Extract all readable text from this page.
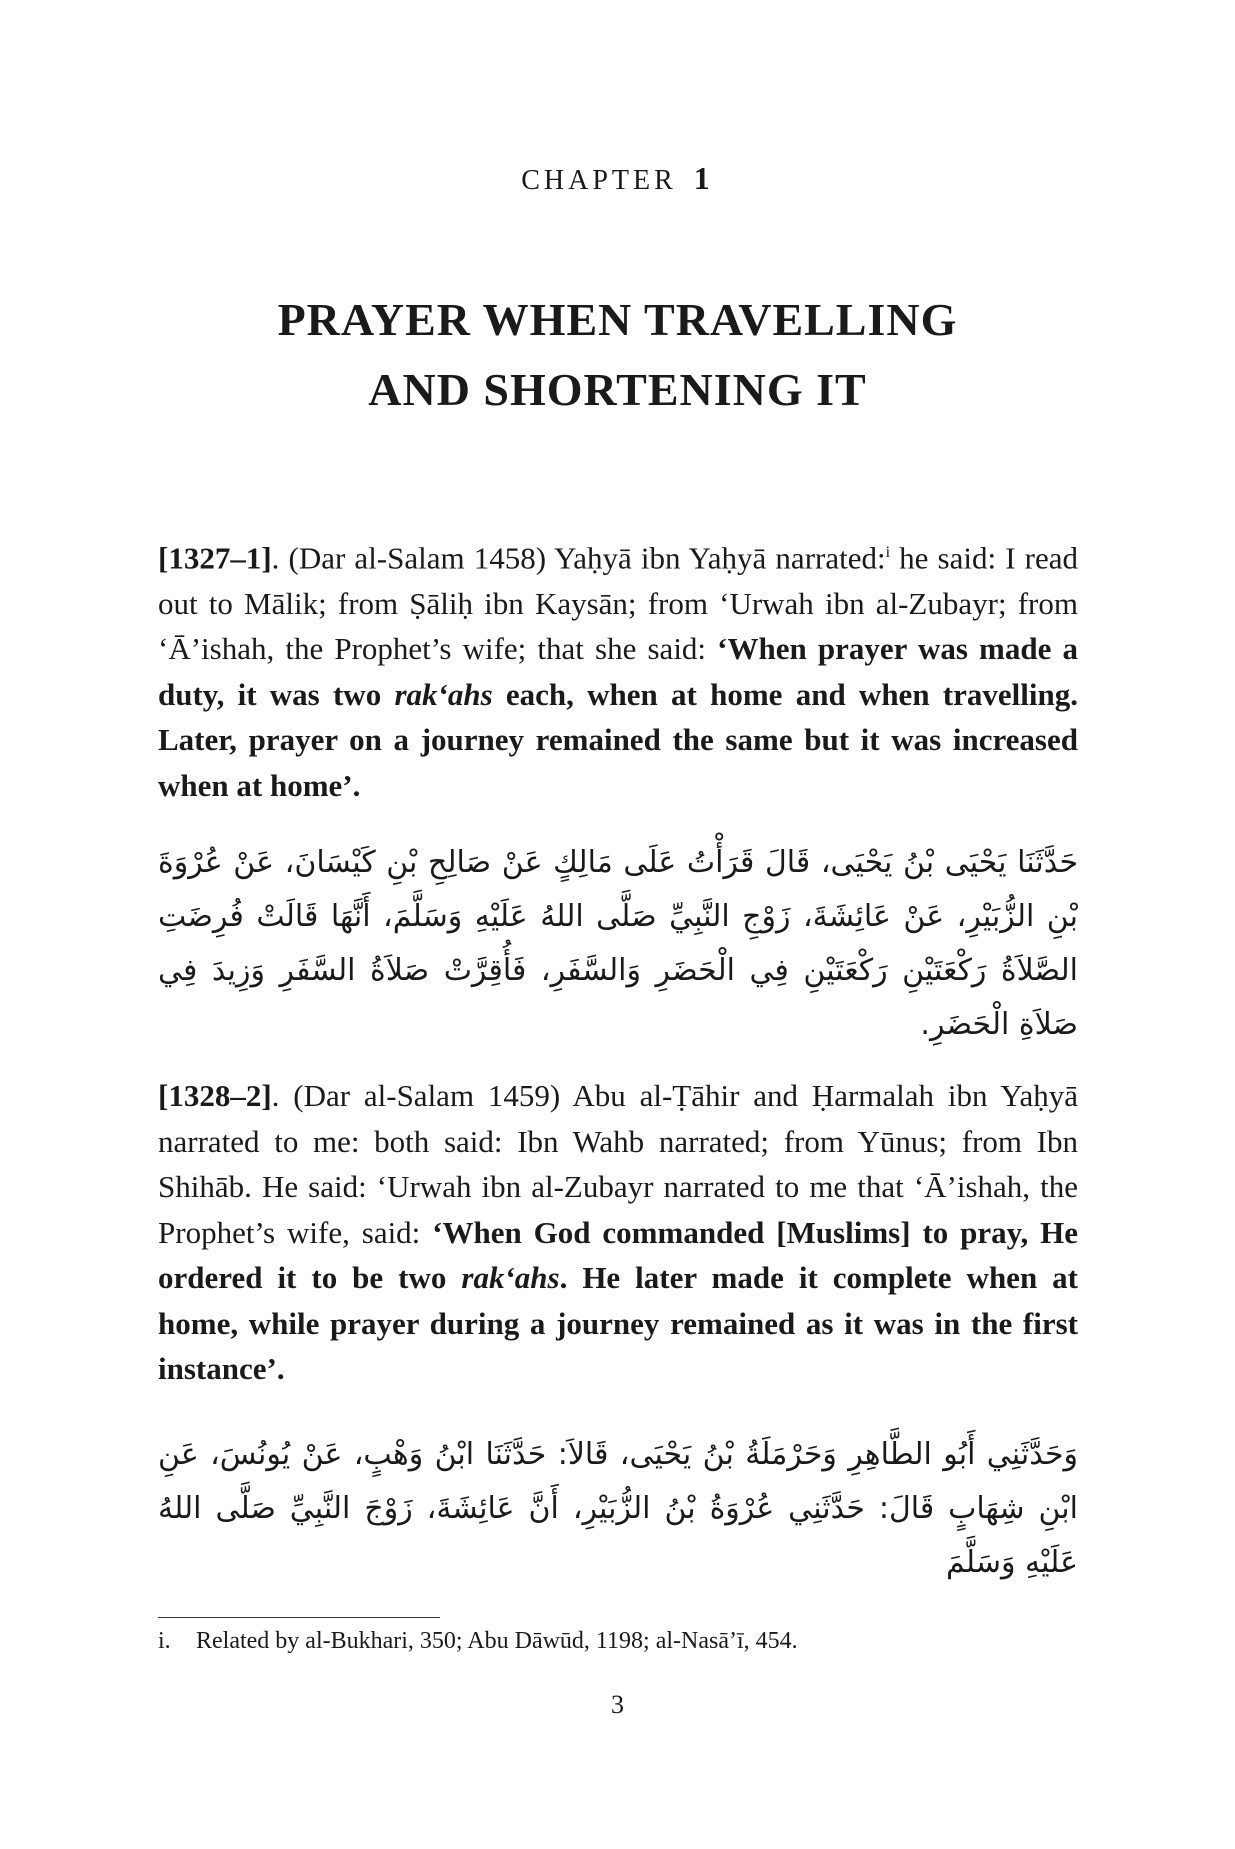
CHAPTER 1
PRAYER WHEN TRAVELLING
AND SHORTENING IT

[1327–1]. (Dar al-Salam 1458) Yaḥyā ibn Yaḥyā narrated:$^i$ he said: I read out to Mālik; from Ṣāliḥ ibn Kaysān; from ‘Urwah ibn al-Zubayr; from ‘Ā’ishah, the Prophet’s wife; that she said: ‘When prayer was made a duty, it was two rak‘ahs each, when at home and when travelling. Later, prayer on a journey remained the same but it was increased when at home’.

حَدَّثَنَا يَحْيَى بْنُ يَحْيَى، قَالَ قَرَأْتُ عَلَى مَالِكٍ عَنْ صَالِحِ بْنِ كَيْسَانَ، عَنْ عُرْوَةَ بْنِ الزُّبَيْرِ، عَنْ عَائِشَةَ، زَوْجِ النَّبِيِّ صَلَّى اللهُ عَلَيْهِ وَسَلَّمَ، أَنَّهَا قَالَتْ فُرِضَتِ الصَّلاَةُ رَكْعَتَيْنِ رَكْعَتَيْنِ فِي الْحَضَرِ وَالسَّفَرِ، فَأُقِرَّتْ صَلاَةُ السَّفَرِ وَزِيدَ فِي صَلاَةِ الْحَضَرِ.

[1328–2]. (Dar al-Salam 1459) Abu al-Ṭāhir and Ḥarmalah ibn Yaḥyā narrated to me: both said: Ibn Wahb narrated; from Yūnus; from Ibn Shihāb. He said: ‘Urwah ibn al-Zubayr narrated to me that ‘Ā’ishah, the Prophet’s wife, said: ‘When God commanded [Muslims] to pray, He ordered it to be two rak‘ahs. He later made it complete when at home, while prayer during a journey remained as it was in the first instance’.

وَحَدَّثَنِي أَبُو الطَّاهِرِ وَحَرْمَلَةُ بْنُ يَحْيَى، قَالاَ: حَدَّثَنَا ابْنُ وَهْبٍ، عَنْ يُونُسَ، عَنِ ابْنِ شِهَابٍ قَالَ: حَدَّثَنِي عُرْوَةُ بْنُ الزُّبَيْرِ، أَنَّ عَائِشَةَ، زَوْجَ النَّبِيِّ صَلَّى اللهُ عَلَيْهِ وَسَلَّمَ

i. Related by al-Bukhari, 350; Abu Dāwūd, 1198; al-Nasā’ī, 454.
3
